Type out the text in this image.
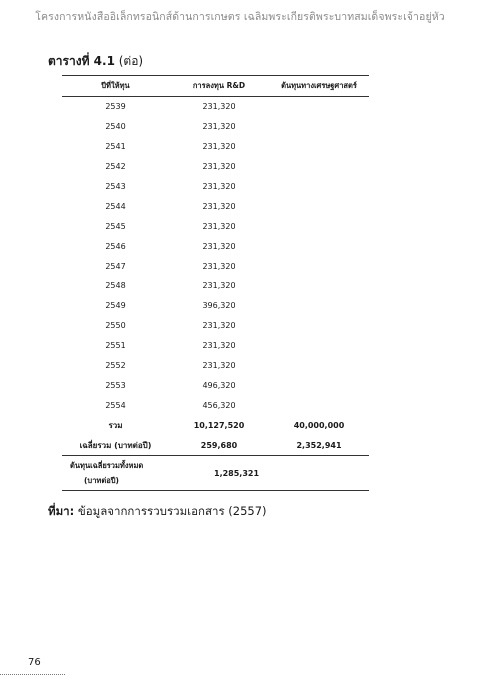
โครงการหนังสืออิเล็กทรอนิกส์ด้านการเกษตร เฉลิมพระเกียรติพระบาทสมเด็จพระเจ้าอยู่หัว
ตารางที่ 4.1 (ต่อ)
ปีที่ให้ทุน	การลงทุน R&D	ต้นทุนทางเศรษฐศาสตร์
2539	231,320	
2540	231,320	
2541	231,320	
2542	231,320	
2543	231,320	
2544	231,320	
2545	231,320	
2546	231,320	
2547	231,320	
2548	231,320	
2549	396,320	
2550	231,320	
2551	231,320	
2552	231,320	
2553	496,320	
2554	456,320	
รวม	10,127,520	40,000,000
เฉลี่ยรวม (บาทต่อปี)	259,680	2,352,941

ต้นทุนเฉลี่ยรวมทั้งหมด
(บาทต่อปี)	1,285,321	
ที่มา: ข้อมูลจากการรวบรวมเอกสาร (2557)
76
